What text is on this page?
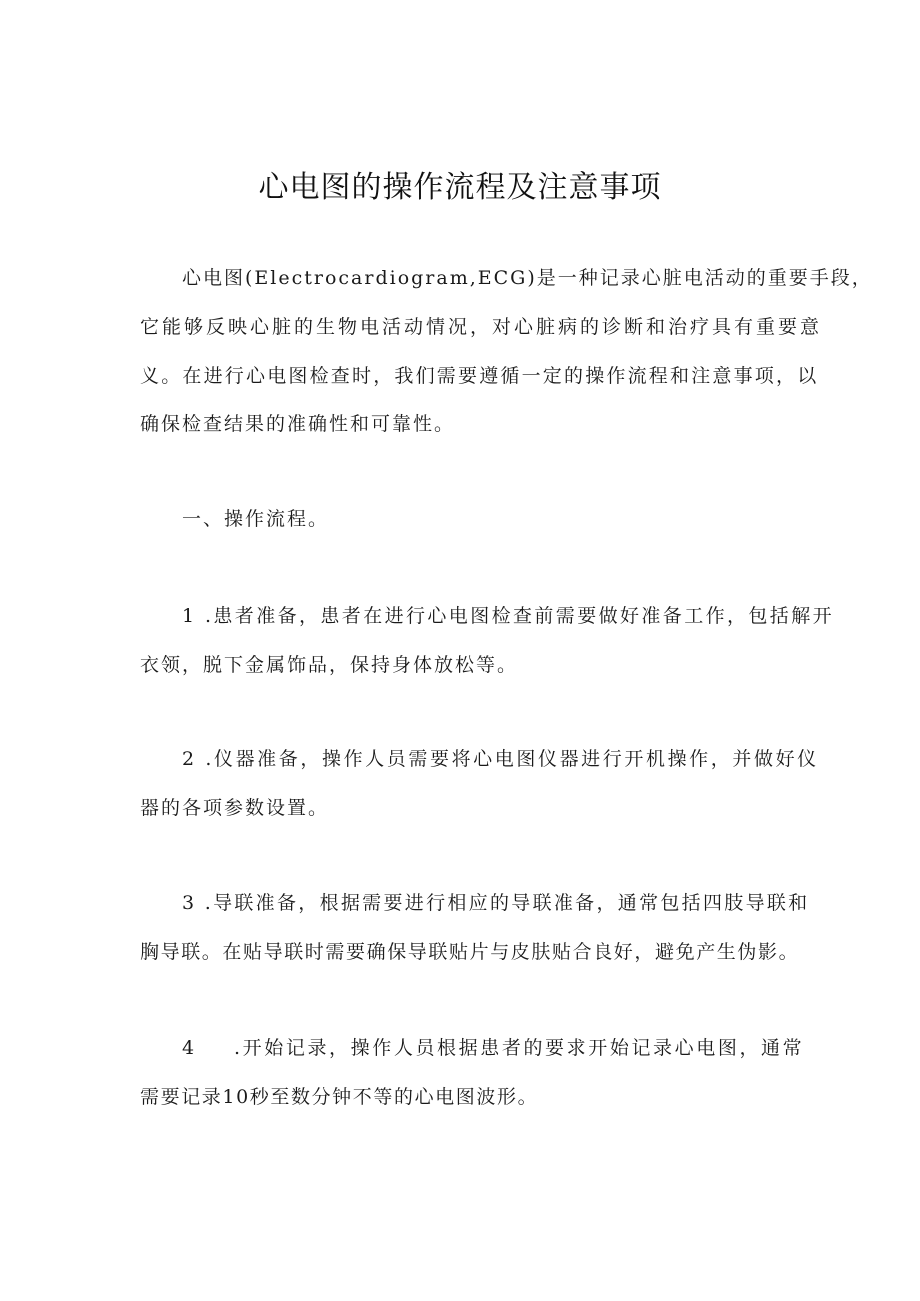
心电图的操作流程及注意事项

心电图(Electrocardiogram,ECG)是一种记录心脏电活动的重要手段，

它能够反映心脏的生物电活动情况，对心脏病的诊断和治疗具有重要意

义。在进行心电图检查时，我们需要遵循一定的操作流程和注意事项，以

确保检查结果的准确性和可靠性。

一、操作流程。

1 .患者准备，患者在进行心电图检查前需要做好准备工作，包括解开

衣领，脱下金属饰品，保持身体放松等。

2 .仪器准备，操作人员需要将心电图仪器进行开机操作，并做好仪

器的各项参数设置。

3 .导联准备，根据需要进行相应的导联准备，通常包括四肢导联和

胸导联。在贴导联时需要确保导联贴片与皮肤贴合良好，避免产生伪影。

4 .开始记录，操作人员根据患者的要求开始记录心电图，通常

需要记录10秒至数分钟不等的心电图波形。
